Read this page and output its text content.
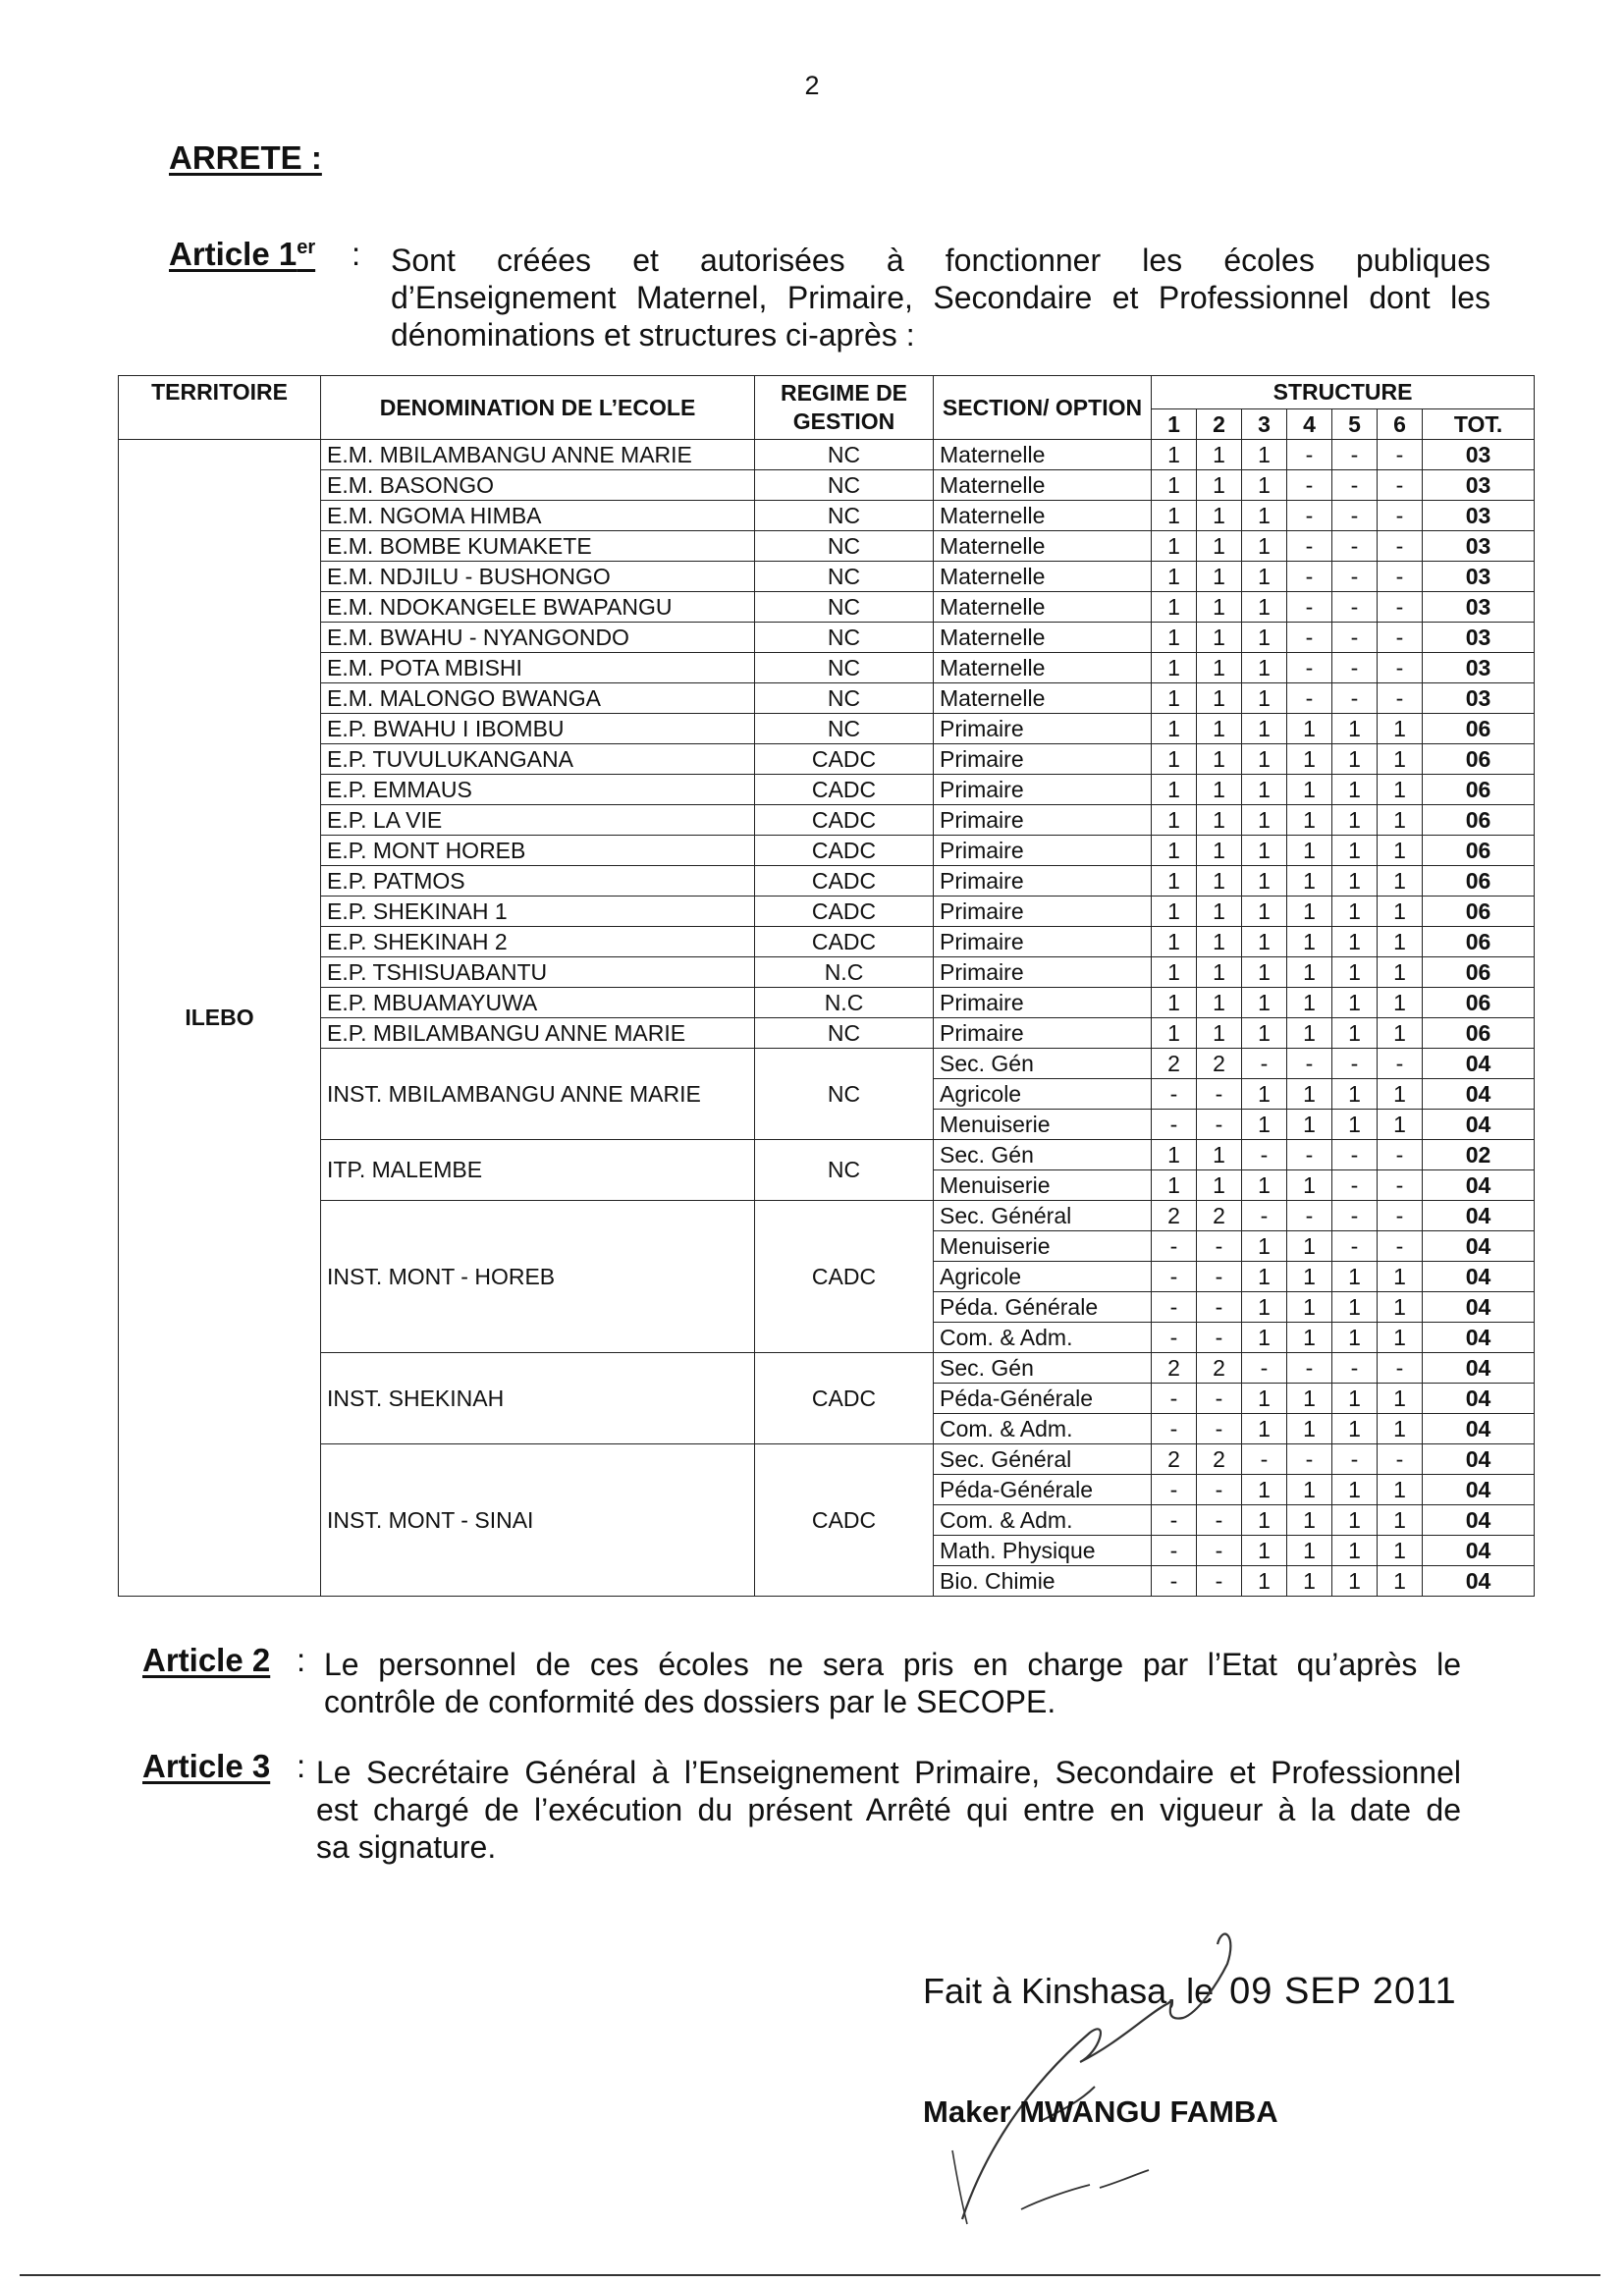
2
ARRETE :
Article 1er : Sont créées et autorisées à fonctionner les écoles publiques
d’Enseignement Maternel, Primaire, Secondaire et Professionnel dont les
dénominations et structures ci-après :
TERRITOIRE	DENOMINATION DE L’ECOLE	REGIME DE GESTION	SECTION/ OPTION	STRUCTURE						
				1	2	3	4	5	6	TOT.
ILEBO	E.M. MBILAMBANGU ANNE MARIE	NC	Maternelle	1	1	1	-	-	-	03
	E.M. BASONGO	NC	Maternelle	1	1	1	-	-	-	03
	E.M. NGOMA HIMBA	NC	Maternelle	1	1	1	-	-	-	03
	E.M. BOMBE KUMAKETE	NC	Maternelle	1	1	1	-	-	-	03
	E.M. NDJILU - BUSHONGO	NC	Maternelle	1	1	1	-	-	-	03
	E.M. NDOKANGELE BWAPANGU	NC	Maternelle	1	1	1	-	-	-	03
	E.M. BWAHU - NYANGONDO	NC	Maternelle	1	1	1	-	-	-	03
	E.M. POTA MBISHI	NC	Maternelle	1	1	1	-	-	-	03
	E.M. MALONGO BWANGA	NC	Maternelle	1	1	1	-	-	-	03
	E.P. BWAHU I IBOMBU	NC	Primaire	1	1	1	1	1	1	06
	E.P. TUVULUKANGANA	CADC	Primaire	1	1	1	1	1	1	06
	E.P. EMMAUS	CADC	Primaire	1	1	1	1	1	1	06
	E.P. LA VIE	CADC	Primaire	1	1	1	1	1	1	06
	E.P. MONT HOREB	CADC	Primaire	1	1	1	1	1	1	06
	E.P. PATMOS	CADC	Primaire	1	1	1	1	1	1	06
	E.P. SHEKINAH 1	CADC	Primaire	1	1	1	1	1	1	06
	E.P. SHEKINAH 2	CADC	Primaire	1	1	1	1	1	1	06
	E.P. TSHISUABANTU	N.C	Primaire	1	1	1	1	1	1	06
	E.P. MBUAMAYUWA	N.C	Primaire	1	1	1	1	1	1	06
	E.P. MBILAMBANGU ANNE MARIE	NC	Primaire	1	1	1	1	1	1	06
	INST. MBILAMBANGU ANNE MARIE	NC	Sec. Gén	2	2	-	-	-	-	04
			Agricole	-	-	1	1	1	1	04
			Menuiserie	-	-	1	1	1	1	04
	ITP. MALEMBE	NC	Sec. Gén	1	1	-	-	-	-	02
			Menuiserie	1	1	1	1	-	-	04
	INST. MONT - HOREB	CADC	Sec. Général	2	2	-	-	-	-	04
			Menuiserie	-	-	1	1	-	-	04
			Agricole	-	-	1	1	1	1	04
			Péda. Générale	-	-	1	1	1	1	04
			Com. & Adm.	-	-	1	1	1	1	04
	INST. SHEKINAH	CADC	Sec. Gén	2	2	-	-	-	-	04
			Péda-Générale	-	-	1	1	1	1	04
			Com. & Adm.	-	-	1	1	1	1	04
	INST. MONT - SINAI	CADC	Sec. Général	2	2	-	-	-	-	04
			Péda-Générale	-	-	1	1	1	1	04
			Com. & Adm.	-	-	1	1	1	1	04
			Math. Physique	-	-	1	1	1	1	04
			Bio. Chimie	-	-	1	1	1	1	04
Article 2 : Le personnel de ces écoles ne sera pris en charge par l’Etat qu’après le
contrôle de conformité des dossiers par le SECOPE.
Article 3 : Le Secrétaire Général à l’Enseignement Primaire, Secondaire et Professionnel
est chargé de l’exécution du présent Arrêté qui entre en vigueur à la date de
sa signature.
Fait à Kinshasa, le 09 SEP 2011
Maker MWANGU FAMBA
